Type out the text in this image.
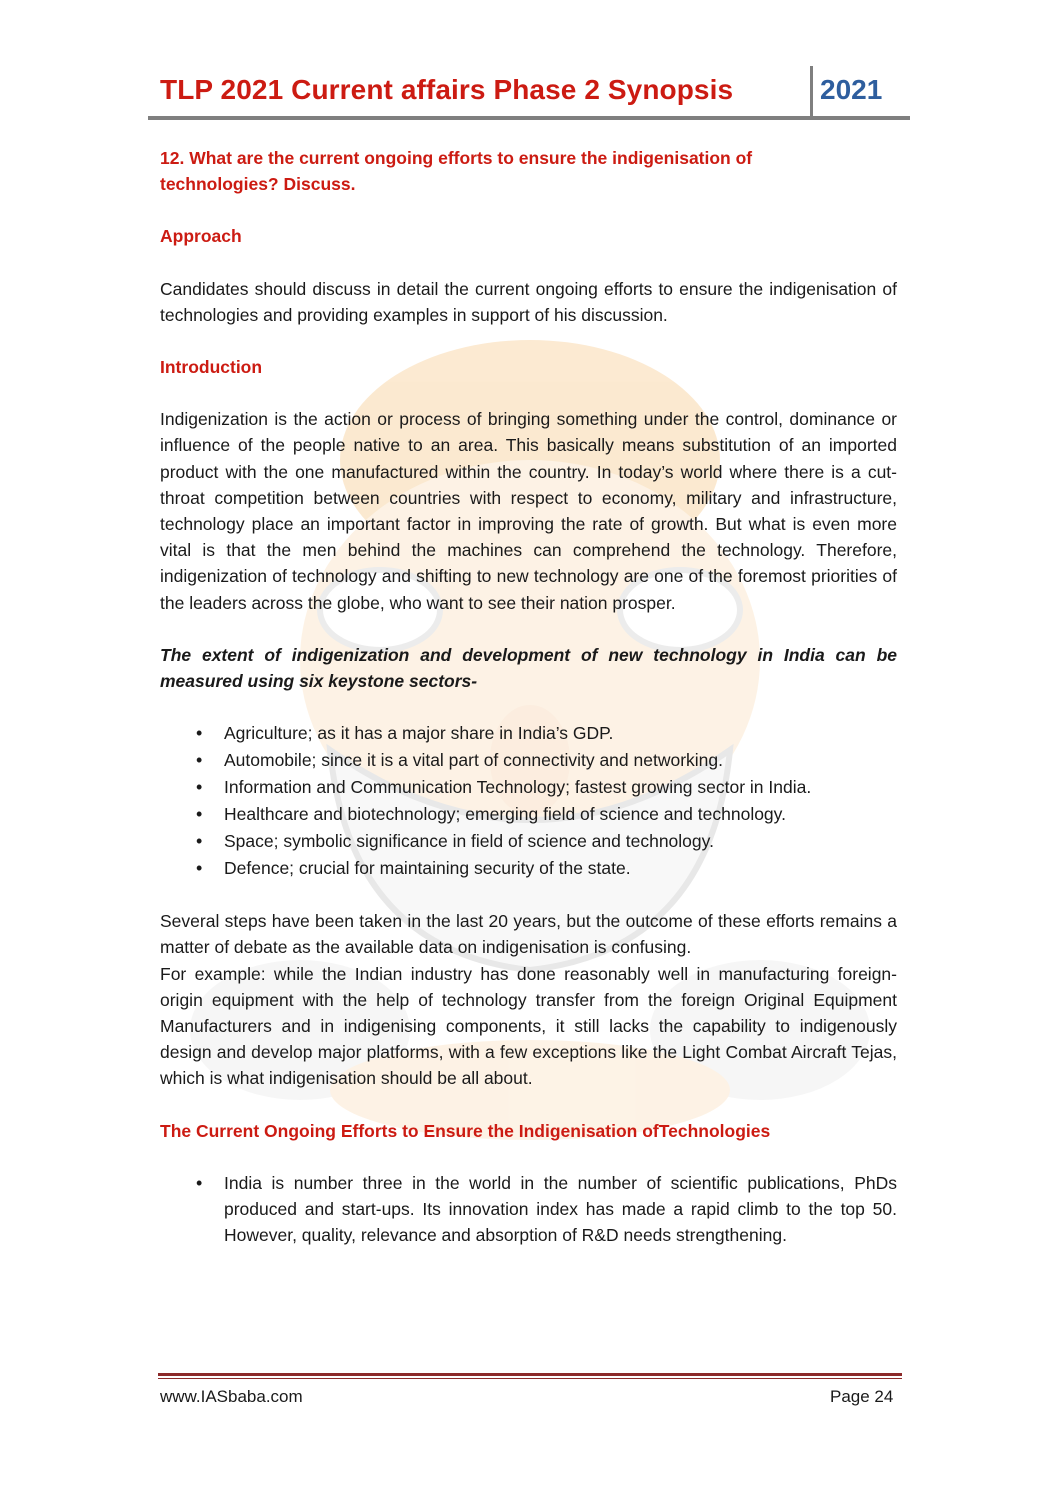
TLP 2021 Current affairs Phase 2 Synopsis	2021

12. What are the current ongoing efforts to ensure the indigenisation of technologies? Discuss.

Approach

Candidates should discuss in detail the current ongoing efforts to ensure the indigenisation of technologies and providing examples in support of his discussion.

Introduction

Indigenization is the action or process of bringing something under the control, dominance or influence of the people native to an area. This basically means substitution of an imported product with the one manufactured within the country. In today’s world where there is a cut-throat competition between countries with respect to economy, military and infrastructure, technology place an important factor in improving the rate of growth. But what is even more vital is that the men behind the machines can comprehend the technology. Therefore, indigenization of technology and shifting to new technology are one of the foremost priorities of the leaders across the globe, who want to see their nation prosper.

The extent of indigenization and development of new technology in India can be measured using six keystone sectors-

• Agriculture; as it has a major share in India’s GDP.
• Automobile; since it is a vital part of connectivity and networking.
• Information and Communication Technology; fastest growing sector in India.
• Healthcare and biotechnology; emerging field of science and technology.
• Space; symbolic significance in field of science and technology.
• Defence; crucial for maintaining security of the state.

Several steps have been taken in the last 20 years, but the outcome of these efforts remains a matter of debate as the available data on indigenisation is confusing.

For example: while the Indian industry has done reasonably well in manufacturing foreign-origin equipment with the help of technology transfer from the foreign Original Equipment Manufacturers and in indigenising components, it still lacks the capability to indigenously design and develop major platforms, with a few exceptions like the Light Combat Aircraft Tejas, which is what indigenisation should be all about.

The Current Ongoing Efforts to Ensure the Indigenisation ofTechnologies

• India is number three in the world in the number of scientific publications, PhDs produced and start-ups. Its innovation index has made a rapid climb to the top 50. However, quality, relevance and absorption of R&D needs strengthening.
www.IASbaba.com	Page 24
